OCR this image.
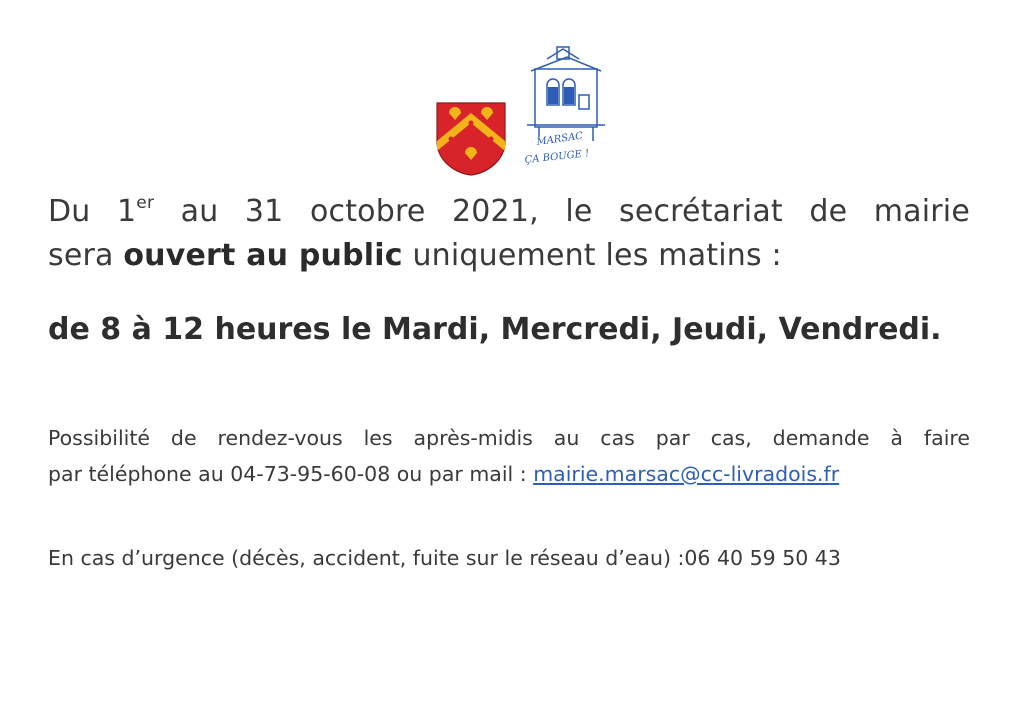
MARSAC
ÇA BOUGE !
Du 1er au 31 octobre 2021, le secrétariat de mairie
sera ouvert au public uniquement les matins :
de 8 à 12 heures le Mardi, Mercredi, Jeudi, Vendredi.
Possibilité de rendez-vous les après-midis au cas par cas, demande à faire
par téléphone au 04-73-95-60-08 ou par mail : mairie.marsac@cc-livradois.fr
En cas d’urgence (décès, accident, fuite sur le réseau d’eau) :06 40 59 50 43
